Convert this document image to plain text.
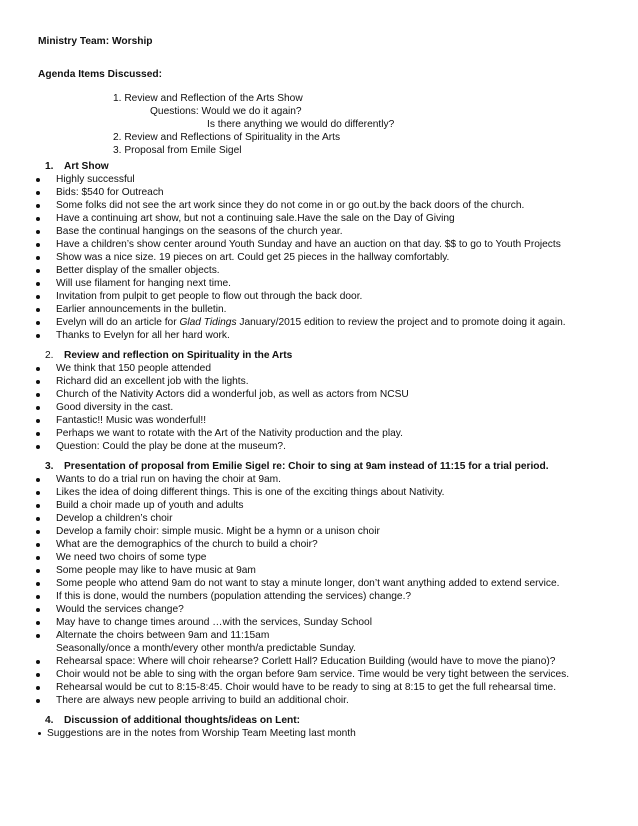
Ministry Team: Worship
Agenda Items Discussed:
1. Review and Reflection of the Arts Show
Questions: Would we do it again?
Is there anything we would do differently?
2. Review and Reflections of Spirituality in the Arts
3. Proposal from Emile Sigel
1. Art Show
Highly successful
Bids: $540 for Outreach
Some folks did not see the art work since they do not come in or go out.by the back doors of the church.
Have a continuing art show, but not a continuing sale.Have the sale on the Day of Giving
Base the continual hangings on the seasons of the church year.
Have a children’s show center around Youth Sunday and have an auction on that day. $$ to go to Youth Projects
Show was a nice size. 19 pieces on art. Could get 25 pieces in the hallway comfortably.
Better display of the smaller objects.
Will use filament for hanging next time.
Invitation from pulpit to get people to flow out through the back door.
Earlier announcements in the bulletin.
Evelyn will do an article for Glad Tidings January/2015 edition to review the project and to promote doing it again.
Thanks to Evelyn for all her hard work.
2. Review and reflection on Spirituality in the Arts
We think that 150 people attended
Richard did an excellent job with the lights.
Church of the Nativity Actors did a wonderful job, as well as actors from NCSU
Good diversity in the cast.
Fantastic!! Music was wonderful!!
Perhaps we want to rotate with the Art of the Nativity production and the play.
Question: Could the play be done at the museum?.
3. Presentation of proposal from Emilie Sigel re: Choir to sing at 9am instead of 11:15 for a trial period.
Wants to do a trial run on having the choir at 9am.
Likes the idea of doing different things. This is one of the exciting things about Nativity.
Build a choir made up of youth and adults
Develop a children’s choir
Develop a family choir: simple music. Might be a hymn or a unison choir
What are the demographics of the church to build a choir?
We need two choirs of some type
Some people may like to have music at 9am
Some people who attend 9am do not want to stay a minute longer, don’t want anything added to extend service.
If this is done, would the numbers (population attending the services) change.?
Would the services change?
May have to change times around …with the services, Sunday School
Alternate the choirs between 9am and 11:15am
Seasonally/once a month/every other month/a predictable Sunday.
Rehearsal space: Where will choir rehearse? Corlett Hall? Education Building (would have to move the piano)?
Choir would not be able to sing with the organ before 9am service. Time would be very tight between the services.
Rehearsal would be cut to 8:15-8:45. Choir would have to be ready to sing at 8:15 to get the full rehearsal time.
There are always new people arriving to build an additional choir.
4. Discussion of additional thoughts/ideas on Lent:
Suggestions are in the notes from Worship Team Meeting last month
